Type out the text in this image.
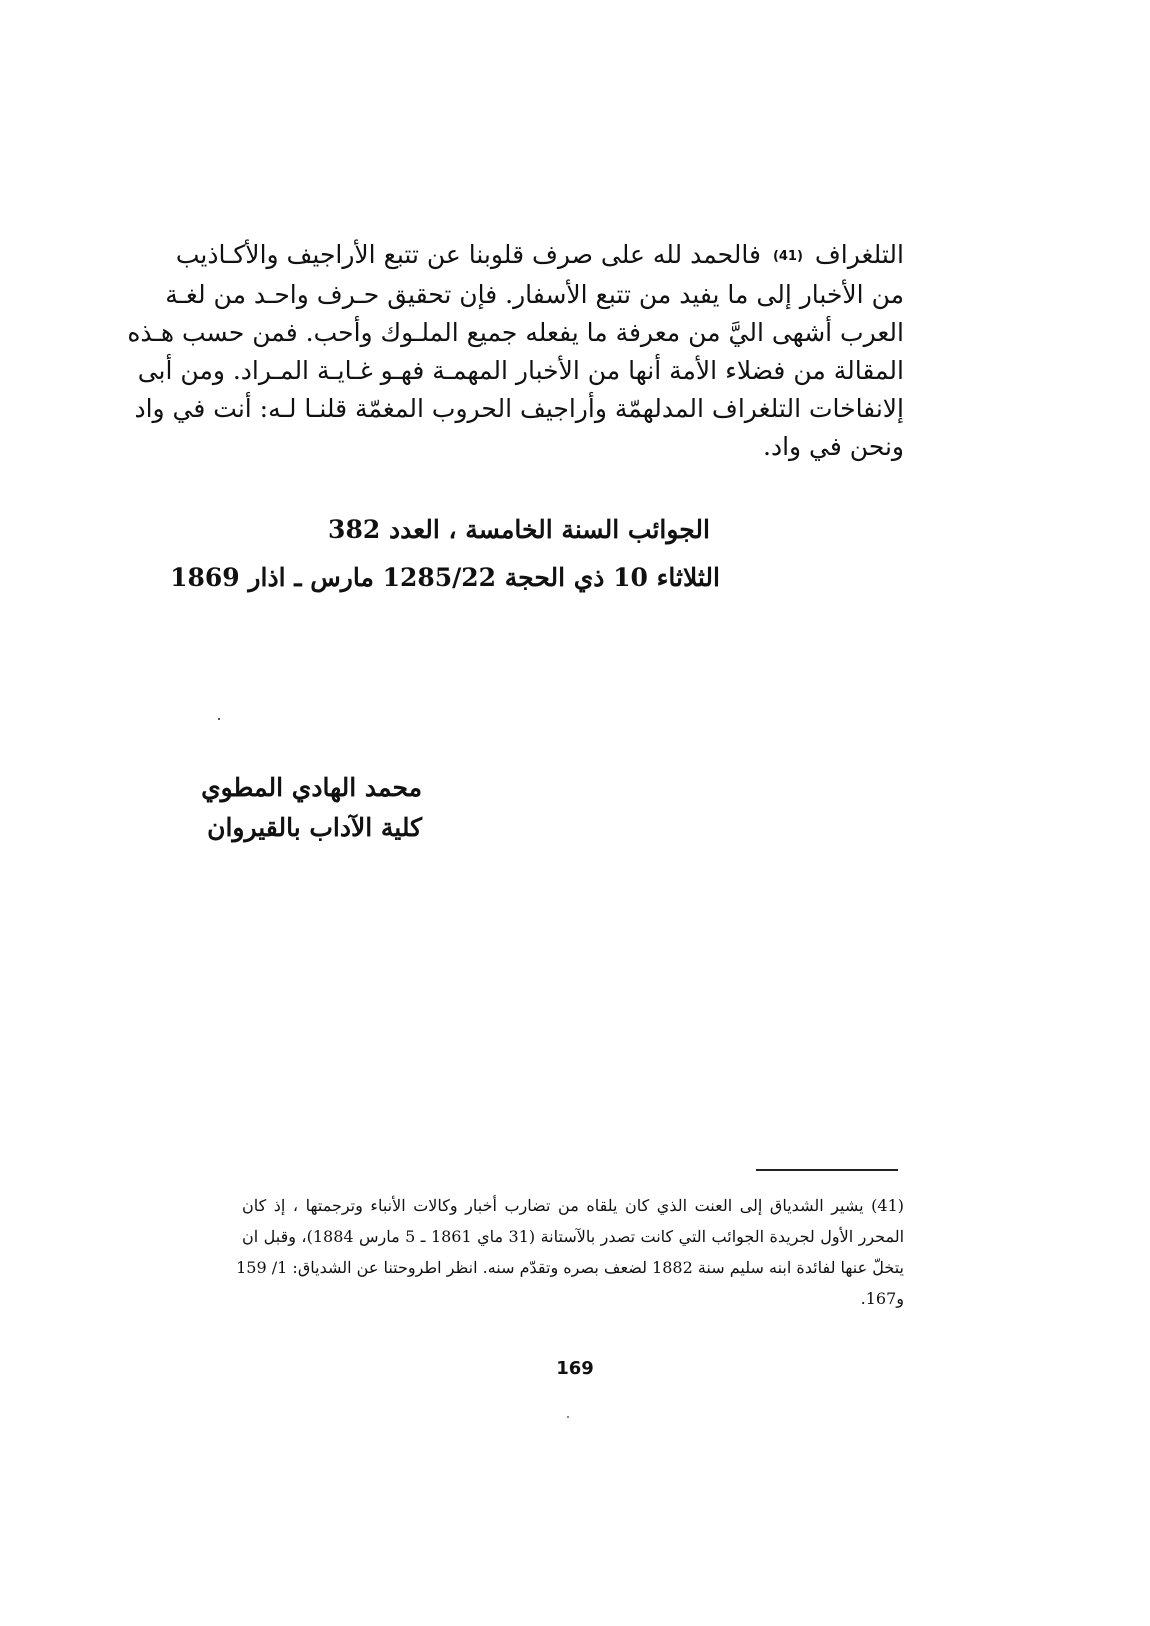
التلغراف (41) فالحمد لله على صرف قلوبنا عن تتبع الأراجيف والأكـاذيب
من الأخبار إلى ما يفيد من تتبع الأسفار. فإن تحقيق حـرف واحـد من لغـة
العرب أشهى اليَّ من معرفة ما يفعله جميع الملـوك وأحب. فمن حسب هـذه
المقالة من فضلاء الأمة أنها من الأخبار المهمـة فهـو غـايـة المـراد. ومن أبى
إلانفاخات التلغراف المدلهمّة وأراجيف الحروب المغمّة قلنـا لـه: أنت في واد
ونحن في واد.
الجوائب السنة الخامسة ، العدد 382
الثلاثاء 10 ذي الحجة 1285/22 مارس ـ اذار 1869
محمد الهادي المطوي
كلية الآداب بالقيروان
(41) يشير الشدياق إلى العنت الذي كان يلقاه من تضارب أخبار وكالات الأنباء وترجمتها ، إذ كان
المحرر الأول لجريدة الجوائب التي كانت تصدر بالآستانة (31 ماي 1861 ـ 5 مارس 1884)، وقبل ان
يتخلّ عنها لفائدة ابنه سليم سنة 1882 لضعف بصره وتقدّم سنه. انظر اطروحتنا عن الشدياق: 1/ 159
و167.
169
